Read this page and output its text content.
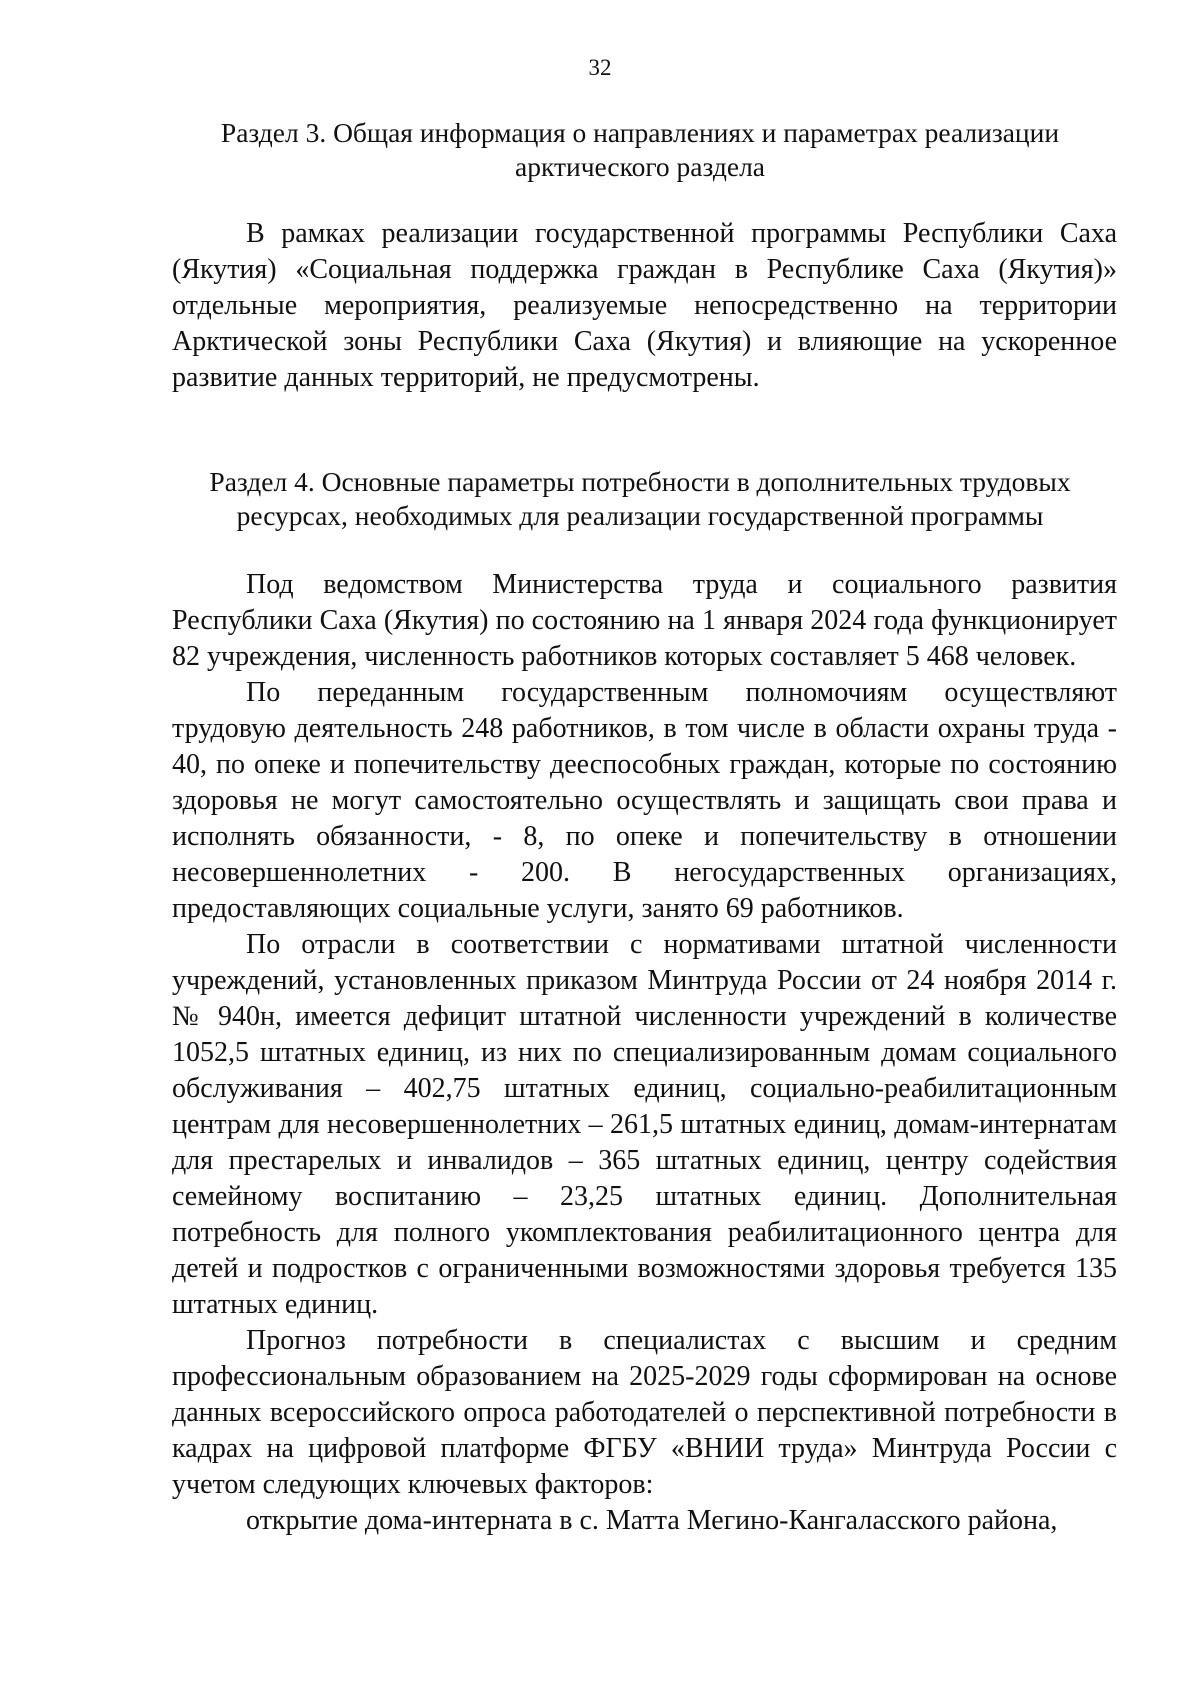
32
Раздел 3. Общая информация о направлениях и параметрах реализации
арктического раздела

В рамках реализации государственной программы Республики Саха (Якутия) «Социальная поддержка граждан в Республике Саха (Якутия)» отдельные мероприятия, реализуемые непосредственно на территории Арктической зоны Республики Саха (Якутия) и влияющие на ускоренное развитие данных территорий, не предусмотрены.

Раздел 4. Основные параметры потребности в дополнительных трудовых
ресурсах, необходимых для реализации государственной программы

Под ведомством Министерства труда и социального развития Республики Саха (Якутия) по состоянию на 1 января 2024 года функционирует 82 учреждения, численность работников которых составляет 5 468 человек.

По переданным государственным полномочиям осуществляют трудовую деятельность 248 работников, в том числе в области охраны труда - 40, по опеке и попечительству дееспособных граждан, которые по состоянию здоровья не могут самостоятельно осуществлять и защищать свои права и исполнять обязанности, - 8, по опеке и попечительству в отношении несовершеннолетних - 200. В негосударственных организациях, предоставляющих социальные услуги, занято 69 работников.

По отрасли в соответствии с нормативами штатной численности учреждений, установленных приказом Минтруда России от 24 ноября 2014 г. № 940н, имеется дефицит штатной численности учреждений в количестве 1052,5 штатных единиц, из них по специализированным домам социального обслуживания – 402,75 штатных единиц, социально-реабилитационным центрам для несовершеннолетних – 261,5 штатных единиц, домам-интернатам для престарелых и инвалидов – 365 штатных единиц, центру содействия семейному воспитанию – 23,25 штатных единиц. Дополнительная потребность для полного укомплектования реабилитационного центра для детей и подростков с ограниченными возможностями здоровья требуется 135 штатных единиц.

Прогноз потребности в специалистах с высшим и средним профессиональным образованием на 2025-2029 годы сформирован на основе данных всероссийского опроса работодателей о перспективной потребности в кадрах на цифровой платформе ФГБУ «ВНИИ труда» Минтруда России с учетом следующих ключевых факторов:

открытие дома-интерната в с. Матта Мегино-Кангаласского района,
